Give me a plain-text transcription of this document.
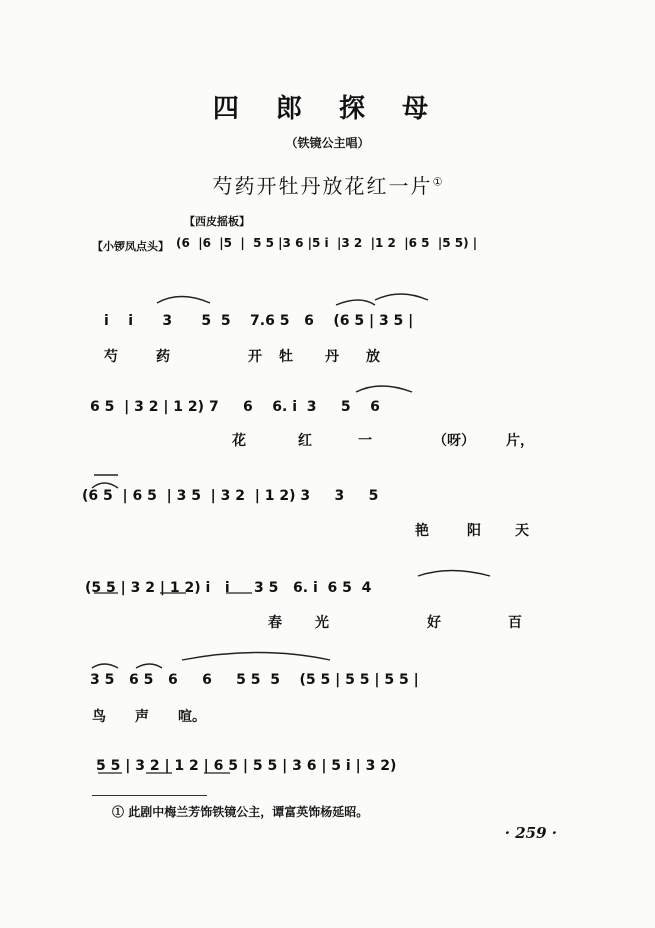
四 郎 探 母
（铁镜公主唱）
芍药开牡丹放花红一片①
【西皮摇板】
【小锣凤点头】 (6  |6  |5  |  5 5 |3 6 |5 i  |3 2  |1 2  |6 5  |5 5) |
i    i      3      5  5    7.6 5   6    (6 5 | 3 5 |
芍	药	开 牡 丹 放
6 5  | 3 2 | 1 2) 7     6    6. i  3     5    6
花	红	一	（呀） 片，
(6 5  | 6 5  | 3 5  | 3 2  | 1 2) 3     3     5
艳	阳 天
(5 5 | 3 2 | 1 2) i   i     3 5   6. i  6 5  4
春 光	好	百
3 5   6 5   6     6     5 5  5    (5 5 | 5 5 | 5 5 |
鸟 声 喧。
5 5 | 3 2 | 1 2 | 6 5 | 5 5 | 3 6 | 5 i | 3 2)
① 此剧中梅兰芳饰铁镜公主，谭富英饰杨延昭。
· 259 ·
